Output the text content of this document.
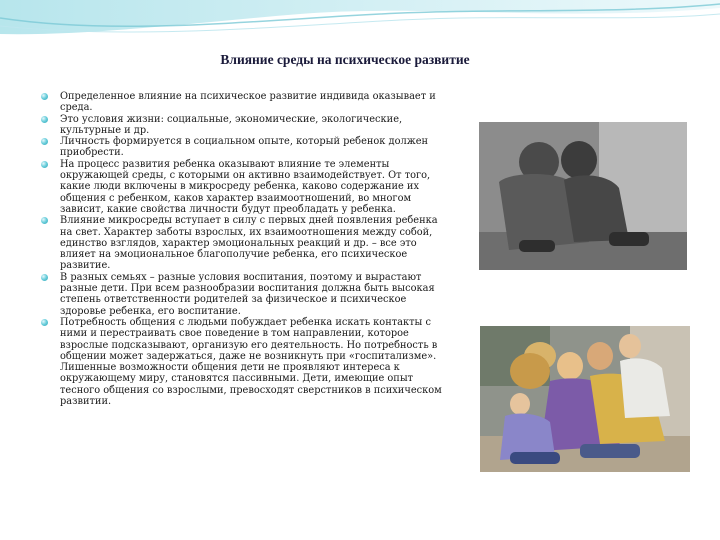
Влияние среды на психическое развитие
Определенное влияние на психическое развитие индивида оказывает и среда.
Это условия жизни: социальные, экономические, экологические, культурные и др.
Личность формируется в социальном опыте, который ребенок должен приобрести.
На процесс развития ребенка оказывают влияние те элементы окружающей среды, с которыми он активно взаимодействует. От того, какие люди включены в микросреду ребенка, каково содержание их общения с ребенком, каков характер взаимоотношений, во многом зависит, какие свойства личности будут преобладать у ребенка.
Влияние микросреды вступает в силу с первых дней появления ребенка на свет. Характер заботы взрослых, их взаимоотношения между собой, единство взглядов, характер эмоциональных реакций и др. – все это влияет на эмоциональное благополучие ребенка, его психическое развитие.
В разных семьях – разные условия воспитания, поэтому и вырастают разные дети. При всем разнообразии воспитания должна быть высокая степень ответственности родителей за физическое и психическое здоровье ребенка, его воспитание.
Потребность общения с людьми побуждает ребенка искать контакты с ними и перестраивать свое поведение в том направлении, которое взрослые подсказывают, организую его деятельность. Но потребность в общении может задержаться, даже не возникнуть при «госпитализме». Лишенные возможности общения дети не проявляют интереса к окружающему миру, становятся пассивными. Дети, имеющие опыт тесного общения со взрослыми, превосходят сверстников в психическом развитии.
